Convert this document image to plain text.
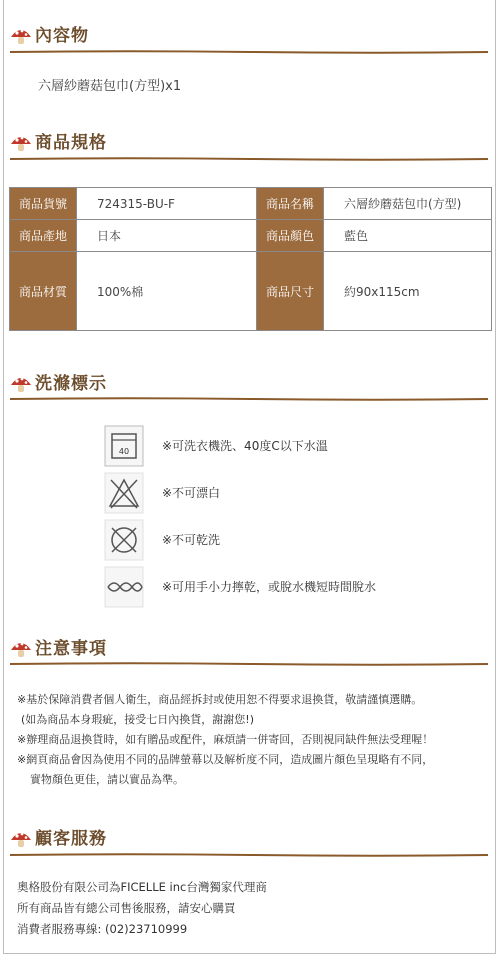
內容物
六層紗蘑菇包巾(方型)x1
商品規格
商品貨號	724315-BU-F	商品名稱	六層紗蘑菇包巾(方型)
商品產地	日本	商品顏色	藍色
商品材質	100%棉	商品尺寸	約90x115cm
洗滌標示
40	※可洗衣機洗、40度C以下水溫
※不可漂白
※不可乾洗
※可用手小力擰乾，或脫水機短時間脫水
注意事項
※基於保障消費者個人衛生，商品經拆封或使用恕不得要求退換貨，敬請謹慎選購。
(如為商品本身瑕疵，接受七日內換貨，謝謝您!)
※辦理商品退換貨時，如有贈品或配件，麻煩請一併寄回，否則視同缺件無法受理喔！
※網頁商品會因為使用不同的品牌螢幕以及解析度不同，造成圖片顏色呈現略有不同，
實物顏色更佳，請以實品為準。
顧客服務
奧格股份有限公司為FICELLE inc台灣獨家代理商
所有商品皆有總公司售後服務，請安心購買
消費者服務專線: (02)23710999
